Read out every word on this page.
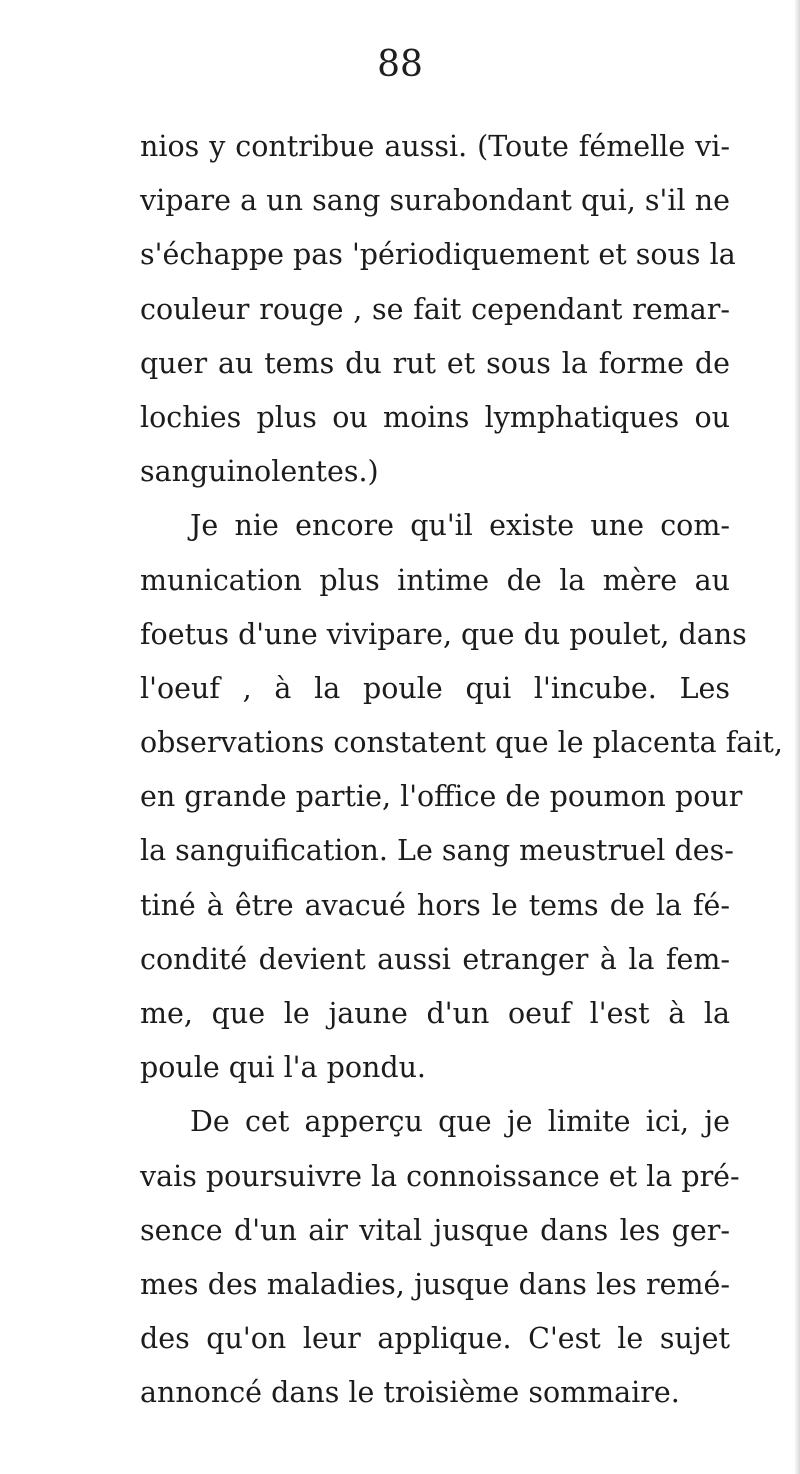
88
nios y contribue aussi. (Toute fémelle vi-
vipare a un sang surabondant qui, s'il ne
s'échappe pas 'périodiquement et sous la
couleur rouge , se fait cependant remar-
quer au tems du rut et sous la forme de
lochies plus ou moins lymphatiques ou
sanguinolentes.)
Je nie encore qu'il existe une com-
munication plus intime de la mère au
foetus d'une vivipare, que du poulet, dans
l'oeuf , à la poule qui l'incube. Les
observations constatent que le placenta fait,
en grande partie, l'office de poumon pour
la sanguification. Le sang meustruel des-
tiné à être avacué hors le tems de la fé-
condité devient aussi etranger à la fem-
me, que le jaune d'un oeuf l'est à la
poule qui l'a pondu.
De cet apperçu que je limite ici, je
vais poursuivre la connoissance et la pré-
sence d'un air vital jusque dans les ger-
mes des maladies, jusque dans les remé-
des qu'on leur applique. C'est le sujet
annoncé dans le troisième sommaire.
